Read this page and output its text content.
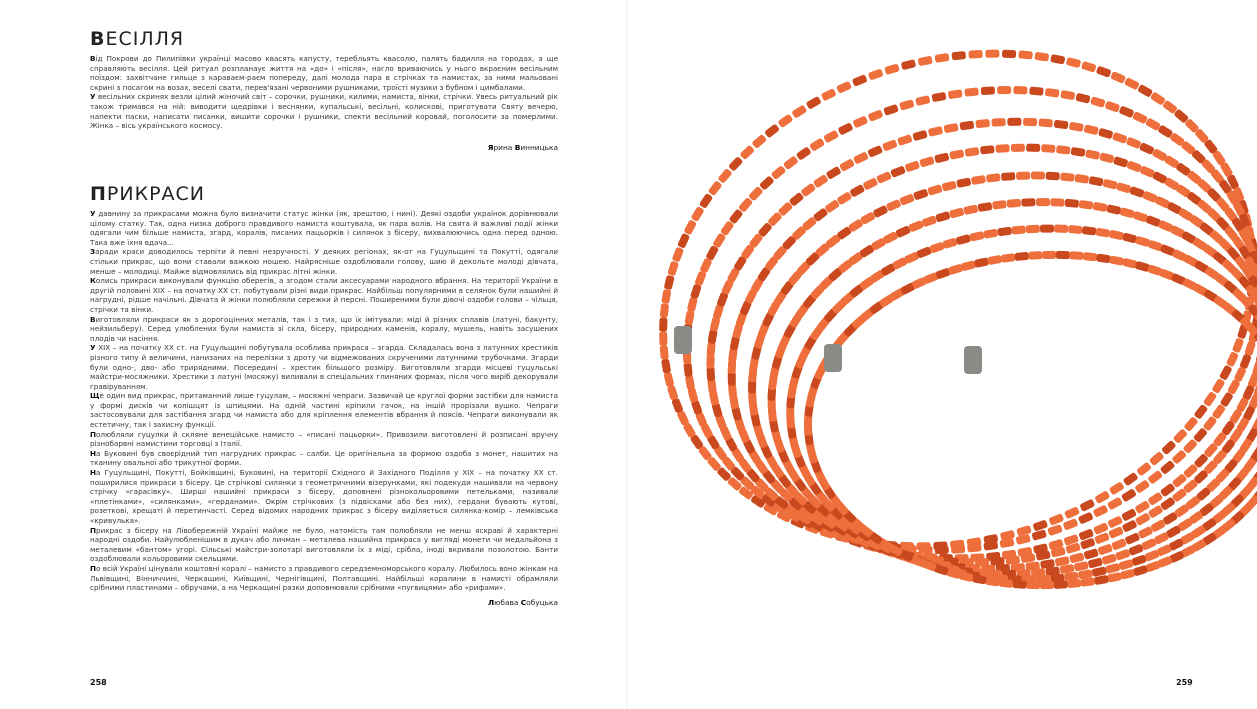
ВЕСІЛЛЯ

Від Покрови до Пилипівки українці масово квасять капусту, теребльять квасолю, палять бадилля на городах, а ще справляють весілля. Цей ритуал розпланаує життя на «до» і «після», нагло вриваючись у нього вкраєним весільним поїздом: захвітчане гильце з караваєм-раєм попереду, далі молода пара в стрічках та намистах, за ними мальовані скрині з посагом на возах, веселі свати, перев'язані червоними рушниками, троїсті музики з бубном і цимбалами.

У весільних скринях везли цілий жіночий світ – сорочки, рушники, килими, намиста, вінки, стрічки. Увесь ритуальний рік також тримався на ній: виводити щедрівки і веснянки, купальські, весільні, колискові, приготувати Святу вечерю, напекти паски, написати писанки, вишити сорочки і рушники, спекти весільний коровай, поголосити за померлими. Жінка – вісь українського космосу.

Ярина Винницька

ПРИКРАСИ

У давнину за прикрасами можна було визначити статус жінки (як, зрештою, і нині). Деякі оздоби українок дорівнювали цілому статку. Так, одна низка доброго правдивого намиста коштувала, як пара волів. На свята й важливі події жінки одягали чим більше намиста, згард, коралів, писаних пацьорків і силянок з бісеру, вихвалюючись одна перед одною. Така вже їхня вдача...

Заради краси доводилось терпіти й певні незручності. У деяких регіонах, як-от на Гуцульщині та Покутті, одягали стільки прикрас, що вони ставали важкою ношею. Найрясніше оздоблювали голову, шию й декольте молоді дівчата, менше – молодиці. Майже відмовлялись від прикрас літні жінки.

Колись прикраси виконували функцію оберегів, а згодом стали аксесуарами народного вбрання. На території України в другій половині XIX – на початку XX ст. побутували різні види прикрас. Найбільш популярними в селянок були нашийні й нагрудні, рідше начільні. Дівчата й жінки полюбляли сережки й персні. Поширеними були дівочі оздоби голови – чільця, стрічки та вінки.

Виготовляли прикраси як з дорогоцінних металів, так і з тих, що їх імітували: міді й різних сплавів (латуні, бакунту, нейзильберу). Серед улюблених були намиста зі скла, бісеру, природних каменів, коралу, мушель, навіть засушених плодів чи насіння.

У XIX – на початку XX ст. на Гуцульщині побутувала особлива прикраса – згарда. Складалась вона з латунних хрестиків різного типу й величини, нанизаних на перелізки з дроту чи відмежованих скрученими латунними трубочками. Згарди були одно-, дво- або трирядними. Посередині – хрестик більшого розміру. Виготовляли згарди місцеві гуцульські майстри-мосяжники. Хрестики з латуні (мосяжу) виливали в спеціальних глиняних формах, після чого виріб декорували гравіруванням.

Ще один вид прикрас, притаманний лише гуцулам, – мосяжні чепраги. Зазвичай це круглої форми застібки для намиста у формі дисків чи колішцят із шпицями. На одній частині кріпили гачок, на іншій прорізали вушко. Чепраги застосовували для застібання згард чи намиста або для кріплення елементів вбрання й поясів. Чепраги виконували як естетичну, так і захисну функції.

Полюбляли гуцулки й скляне венеційське намисто – «писані пацьорки». Привозили виготовлені й розписані вручну різнобарвні намистини торговці з Італії.

На Буковині був своєрідний тип нагрудних прикрас – салби. Це оригінальна за формою оздоба з монет, нашитих на тканину овальної або трикутної форми.

На Гуцульщині, Покутті, Бойківщині, Буковині, на території Східного й Західного Поділля у XIX – на початку XX ст. поширилися прикраси з бісеру. Це стрічкові силянки з геометричними візерунками, які подекуди нашивали на червону стрічку «гарасівку». Ширші нашийні прикраси з бісеру, доповнені різнокольоровими петельками, називали «плетінками», «силянками», «герданами». Окрім стрічкових (з підвісками або без них), гердани бувають кутові, розеткові, хрещаті й перетинчасті. Серед відомих народних прикрас з бісеру виділяється силянка-комір – лемківська «кривулька».

Прикрас з бісеру на Лівобережній Україні майже не було, натомість там полюбляли не менш яскраві й характерні народні оздоби. Найулюбленішим в дукач або личман – металева нашийна прикраса у вигляді монети чи медальйона з металевим «бантом» угорі. Сільські майстри-золотарі виготовляли їх з міді, срібла, іноді вкривали позолотою. Банти оздоблювали кольоровими скельцями.

По всій Україні цінували коштовні коралі – намисто з правдивого середземноморського коралу. Любилось воно жінкам на Львівщині, Вінниччині, Черкащині, Київщині, Чернігівщині, Полтавщині. Найбільші коралини в намисті обрамляли срібними пластинами – обручами, а на Черкащині разки доповнювали срібними «пугвицями» або «рифами».

Любава Собуцька

258	259
